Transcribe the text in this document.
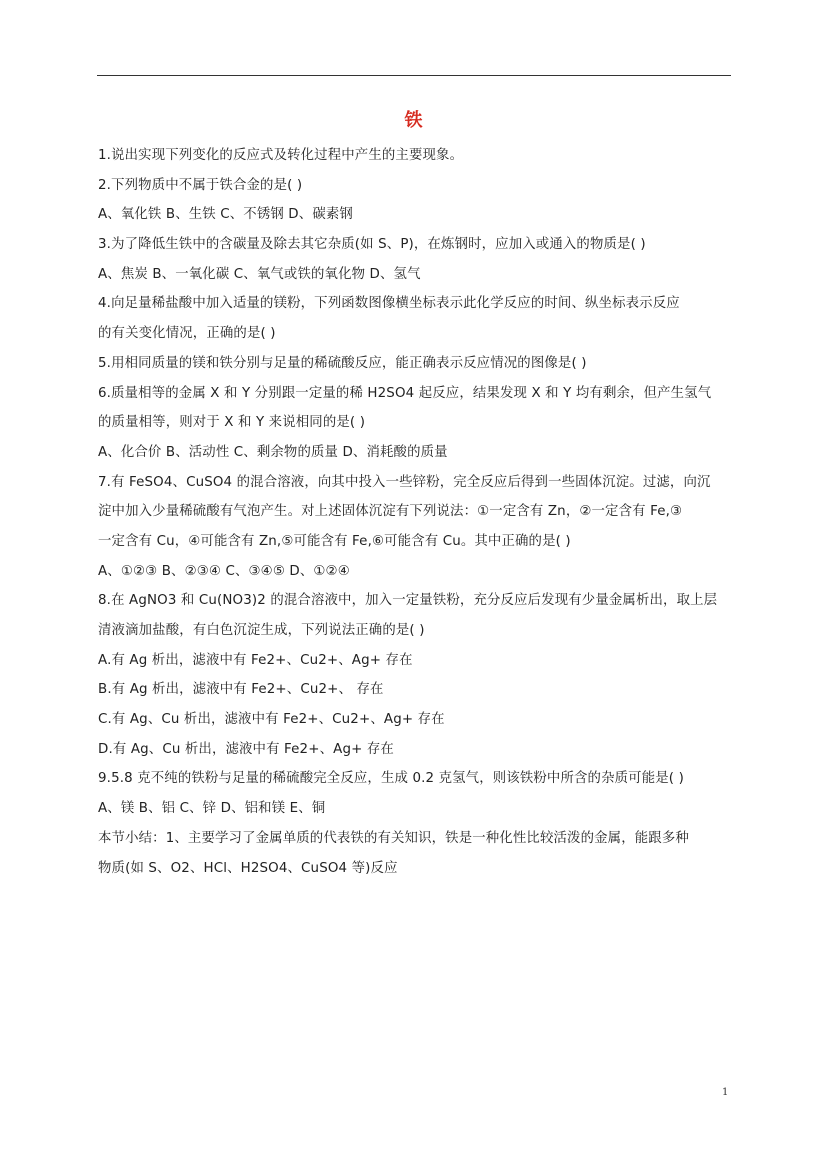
铁
1.说出实现下列变化的反应式及转化过程中产生的主要现象。
2.下列物质中不属于铁合金的是( )
A、氧化铁 B、生铁 C、不锈钢 D、碳素钢
3.为了降低生铁中的含碳量及除去其它杂质(如 S、P)，在炼钢时，应加入或通入的物质是( )
A、焦炭 B、一氧化碳 C、氧气或铁的氧化物 D、氢气
4.向足量稀盐酸中加入适量的镁粉，下列函数图像横坐标表示此化学反应的时间、纵坐标表示反应
的有关变化情况，正确的是( )
5.用相同质量的镁和铁分别与足量的稀硫酸反应，能正确表示反应情况的图像是( )
6.质量相等的金属 X 和 Y 分别跟一定量的稀 H2SO4 起反应，结果发现 X 和 Y 均有剩余，但产生氢气
的质量相等，则对于 X 和 Y 来说相同的是( )
A、化合价 B、活动性 C、剩余物的质量 D、消耗酸的质量
7.有 FeSO4、CuSO4 的混合溶液，向其中投入一些锌粉，完全反应后得到一些固体沉淀。过滤，向沉
淀中加入少量稀硫酸有气泡产生。对上述固体沉淀有下列说法：①一定含有 Zn，②一定含有 Fe,③
一定含有 Cu，④可能含有 Zn,⑤可能含有 Fe,⑥可能含有 Cu。其中正确的是( )
A、①②③ B、②③④ C、③④⑤ D、①②④
8.在 AgNO3 和 Cu(NO3)2 的混合溶液中，加入一定量铁粉，充分反应后发现有少量金属析出，取上层
清液滴加盐酸，有白色沉淀生成，下列说法正确的是( )
A.有 Ag 析出，滤液中有 Fe2+、Cu2+、Ag+ 存在
B.有 Ag 析出，滤液中有 Fe2+、Cu2+、 存在
C.有 Ag、Cu 析出，滤液中有 Fe2+、Cu2+、Ag+ 存在
D.有 Ag、Cu 析出，滤液中有 Fe2+、Ag+ 存在
9.5.8 克不纯的铁粉与足量的稀硫酸完全反应，生成 0.2 克氢气，则该铁粉中所含的杂质可能是( )
A、镁 B、铝 C、锌 D、铝和镁 E、铜
本节小结：1、主要学习了金属单质的代表铁的有关知识，铁是一种化性比较活泼的金属，能跟多种
物质(如 S、O2、HCl、H2SO4、CuSO4 等)反应
1
